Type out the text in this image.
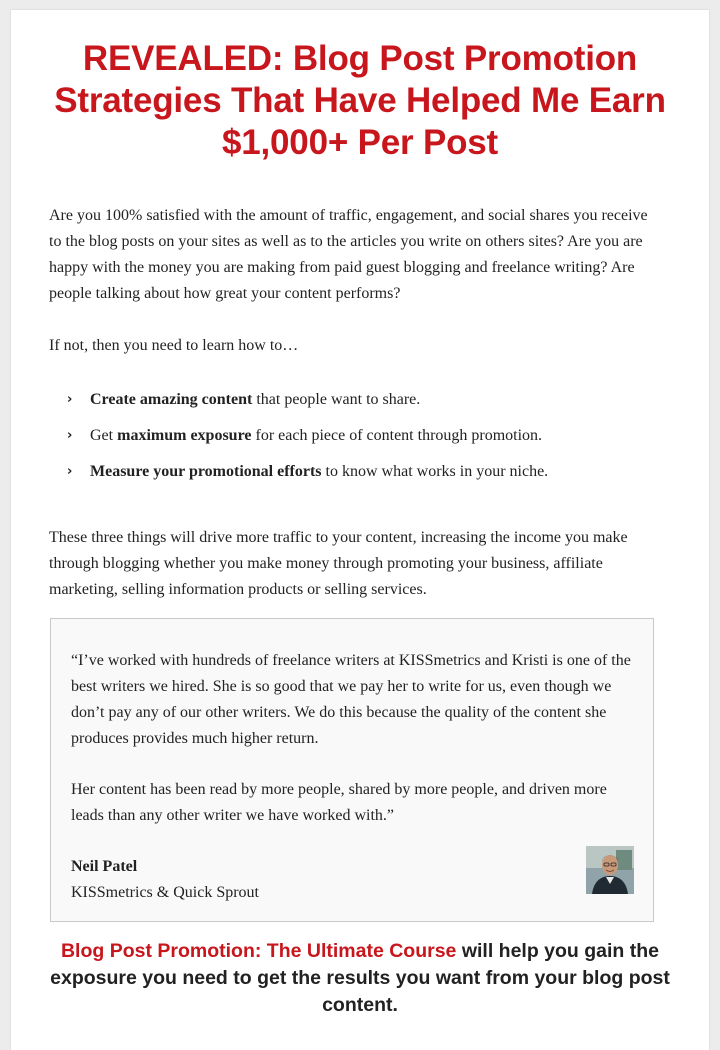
REVEALED: Blog Post Promotion Strategies That Have Helped Me Earn $1,000+ Per Post

Are you 100% satisfied with the amount of traffic, engagement, and social shares you receive to the blog posts on your sites as well as to the articles you write on others sites? Are you are happy with the money you are making from paid guest blogging and freelance writing? Are people talking about how great your content performs?

If not, then you need to learn how to…

› Create amazing content that people want to share.
› Get maximum exposure for each piece of content through promotion.
› Measure your promotional efforts to know what works in your niche.

These three things will drive more traffic to your content, increasing the income you make through blogging whether you make money through promoting your business, affiliate marketing, selling information products or selling services.

“I’ve worked with hundreds of freelance writers at KISSmetrics and Kristi is one of the best writers we hired. She is so good that we pay her to write for us, even though we don’t pay any of our other writers. We do this because the quality of the content she produces provides much higher return.

Her content has been read by more people, shared by more people, and driven more leads than any other writer we have worked with.”

Neil Patel
KISSmetrics & Quick Sprout

Blog Post Promotion: The Ultimate Course will help you gain the exposure you need to get the results you want from your blog post content.
